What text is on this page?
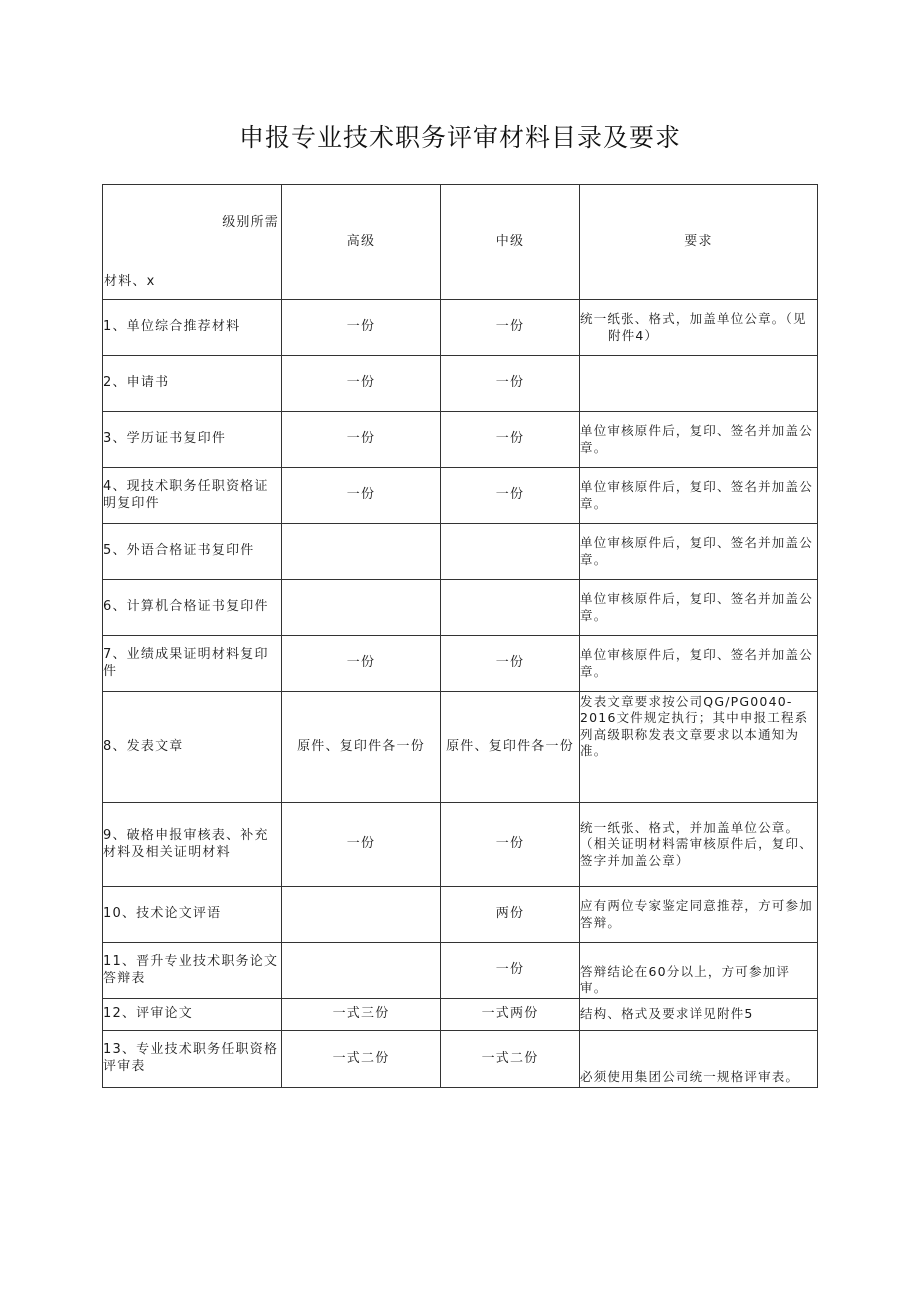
申报专业技术职务评审材料目录及要求
级别所需
材料、x	高级	中级	要求
1、单位综合推荐材料	一份	一份	统一纸张、格式，加盖单位公章。（见
附件4）

2、申请书	一份	一份	
3、学历证书复印件	一份	一份	单位审核原件后，复印、签名并加盖公章。
4、现技术职务任职资格证明复印件	一份	一份	单位审核原件后，复印、签名并加盖公章。
5、外语合格证书复印件			单位审核原件后，复印、签名并加盖公章。
6、计算机合格证书复印件			单位审核原件后，复印、签名并加盖公章。
7、业绩成果证明材料复印件	一份	一份	单位审核原件后，复印、签名并加盖公章。
8、发表文章	原件、复印件各一份	原件、复印件各一份	发表文章要求按公司QG/PG0040-2016文件规定执行；其中申报工程系列高级职称发表文章要求以本通知为准。
9、破格申报审核表、补充材料及相关证明材料	一份	一份	统一纸张、格式，并加盖单位公章。（相关证明材料需审核原件后，复印、签字并加盖公章）
10、技术论文评语		两份	应有两位专家鉴定同意推荐，方可参加答辩。
11、晋升专业技术职务论文答辩表		一份	答辩结论在60分以上，方可参加评审。
12、评审论文	一式三份	一式两份	结构、格式及要求详见附件5
13、专业技术职务任职资格评审表	一式二份	一式二份	必须使用集团公司统一规格评审表。
